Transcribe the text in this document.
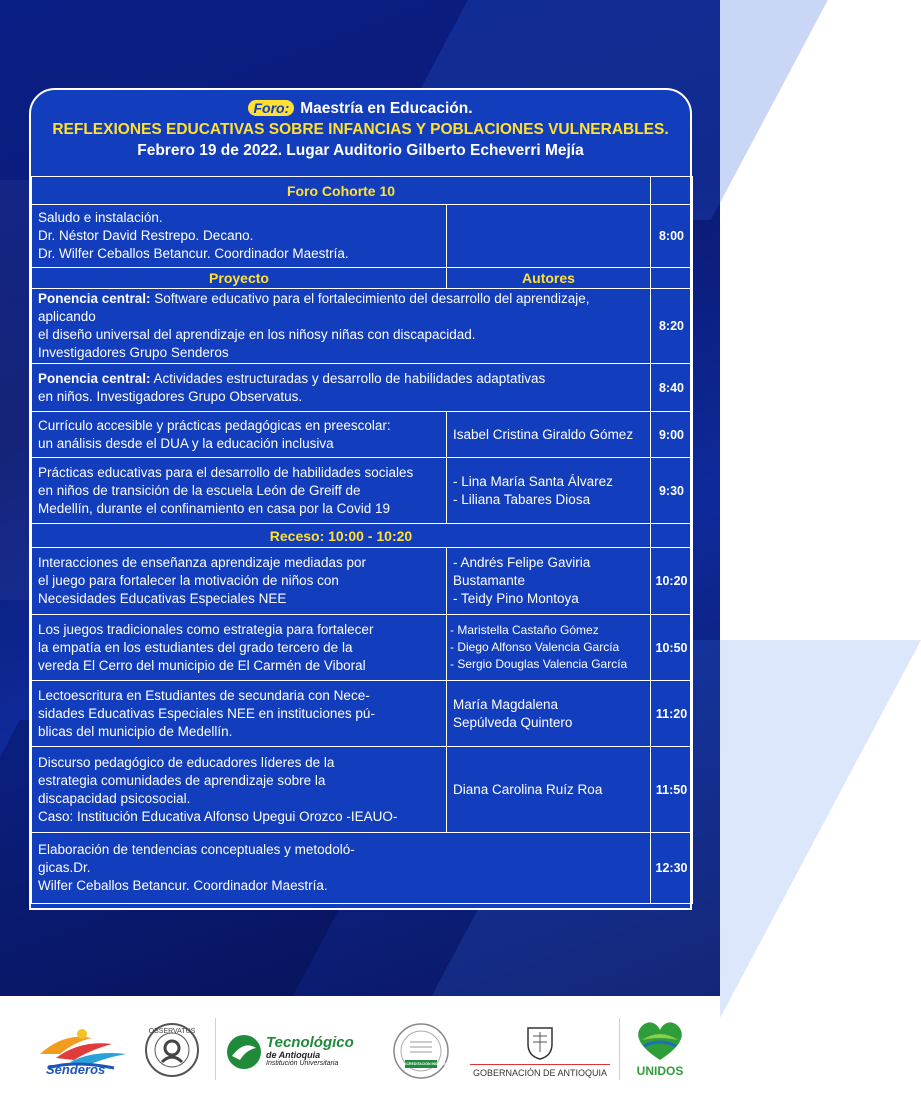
Foro: Maestría en Educación.
REFLEXIONES EDUCATIVAS SOBRE INFANCIAS Y POBLACIONES VULNERABLES.
Febrero 19 de 2022. Lugar Auditorio Gilberto Echeverri Mejía
Foro Cohorte 10		

Saludo e instalación.
Dr. Néstor David Restrepo. Decano.
Dr. Wilfer Ceballos Betancur. Coordinador Maestría.		8:00
Proyecto	Autores	

Ponencia central: Software educativo para el fortalecimiento del desarrollo del aprendizaje, aplicando
el diseño universal del aprendizaje en los niñosy niñas con discapacidad.
Investigadores Grupo Senderos		8:20

Ponencia central: Actividades estructuradas y desarrollo de habilidades adaptativas
en niños. Investigadores Grupo Observatus.		8:40

Currículo accesible y prácticas pedagógicas en preescolar:
un análisis desde el DUA y la educación inclusiva	Isabel Cristina Giraldo Gómez	9:00

Prácticas educativas para el desarrollo de habilidades sociales
en niños de transición de la escuela León de Greiff de
Medellín, durante el confinamiento en casa por la Covid 19	- Lina María Santa Álvarez
- Liliana Tabares Diosa	9:30
Receso: 10:00 - 10:20		

Interacciones de enseñanza aprendizaje mediadas por
el juego para fortalecer la motivación de niños con
Necesidades Educativas Especiales NEE	- Andrés Felipe Gaviria
Bustamante
- Teidy Pino Montoya	10:20

Los juegos tradicionales como estrategia para fortalecer
la empatía en los estudiantes del grado tercero de la
vereda El Cerro del municipio de El Carmén de Viboral	- Maristella Castaño Gómez
- Diego Alfonso Valencia García
- Sergio Douglas Valencia García	10:50

Lectoescritura en Estudiantes de secundaria con Nece-
sidades Educativas Especiales NEE en instituciones pú-
blicas del municipio de Medellín.	María Magdalena
Sepúlveda Quintero	11:20

Discurso pedagógico de educadores líderes de la
estrategia comunidades de aprendizaje sobre la
discapacidad psicosocial.
Caso: Institución Educativa Alfonso Upegui Orozco -IEAUO-	Diana Carolina Ruíz Roa	11:50

Elaboración de tendencias conceptuales y metodoló-
gicas.Dr.
Wilfer Ceballos Betancur. Coordinador Maestría.		12:30
Senderos
OBSERVATUS
Tecnológico
de Antioquia
Institución Universitaria	ACREDITACIÓN INSTITUCIONAL
GOBERNACIÓN DE ANTIOQUIA	UNIDOS
